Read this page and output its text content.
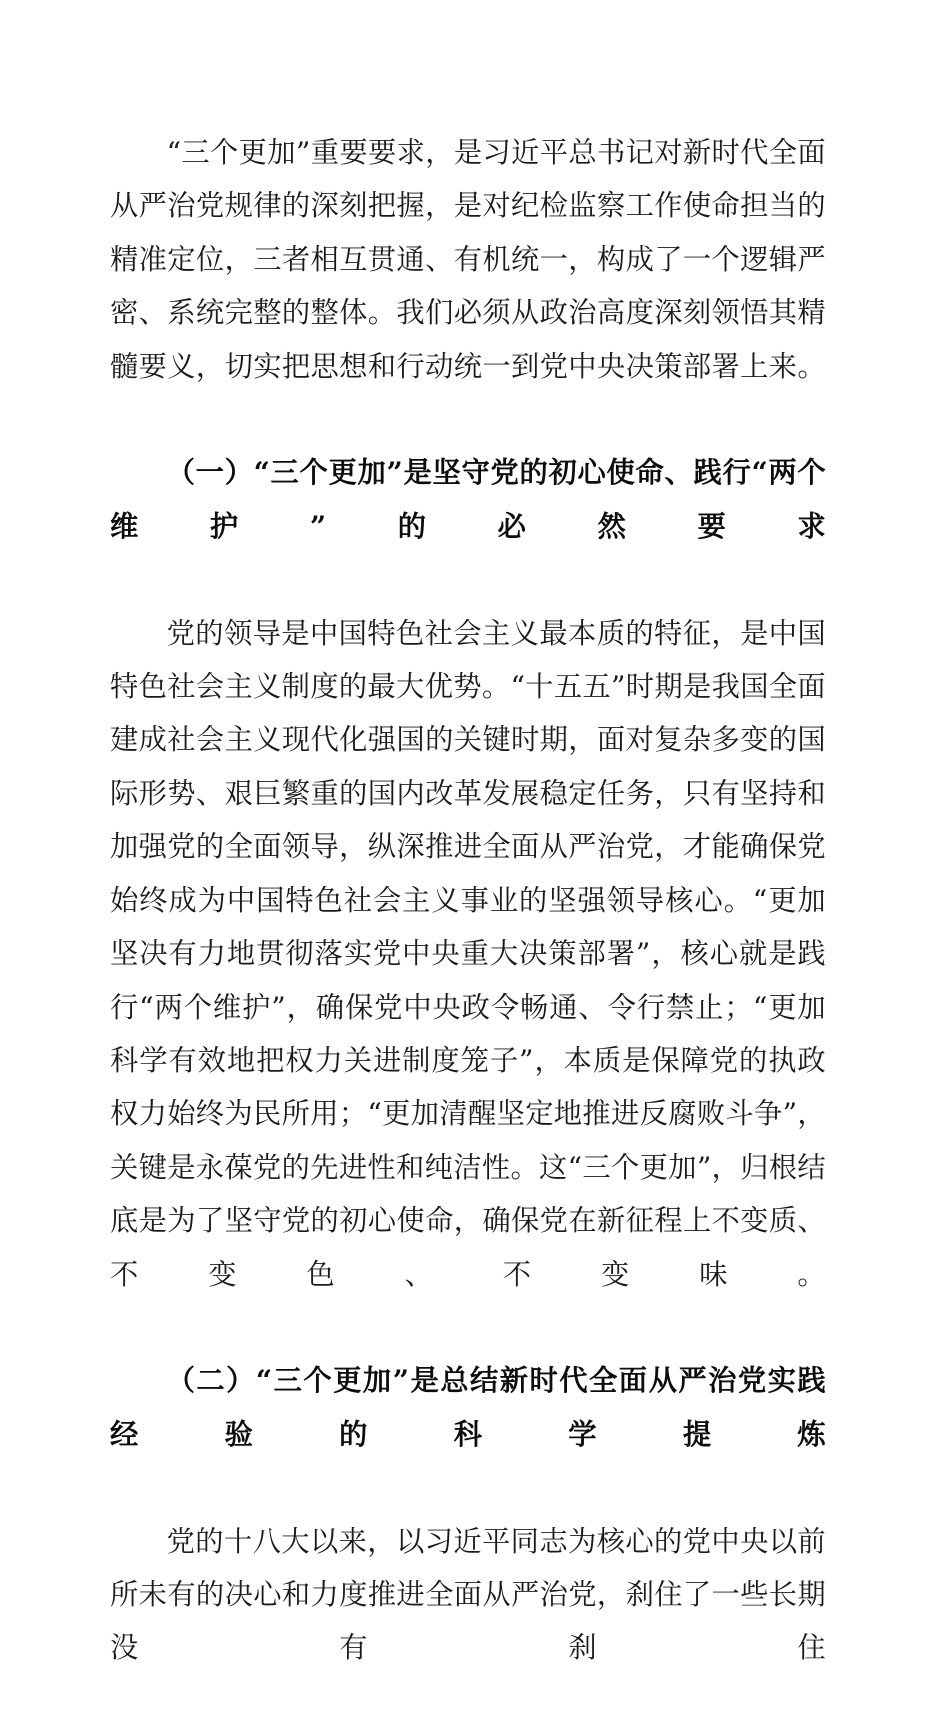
“三个更加”重要要求，是习近平总书记对新时代全面从严治党规律的深刻把握，是对纪检监察工作使命担当的精准定位，三者相互贯通、有机统一，构成了一个逻辑严密、系统完整的整体。我们必须从政治高度深刻领悟其精髓要义，切实把思想和行动统一到党中央决策部署上来。

（一）“三个更加”是坚守党的初心使命、践行“两个维护”的必然要求

党的领导是中国特色社会主义最本质的特征，是中国特色社会主义制度的最大优势。“十五五”时期是我国全面建成社会主义现代化强国的关键时期，面对复杂多变的国际形势、艰巨繁重的国内改革发展稳定任务，只有坚持和加强党的全面领导，纵深推进全面从严治党，才能确保党始终成为中国特色社会主义事业的坚强领导核心。“更加坚决有力地贯彻落实党中央重大决策部署”，核心就是践行“两个维护”，确保党中央政令畅通、令行禁止；“更加科学有效地把权力关进制度笼子”，本质是保障党的执政权力始终为民所用；“更加清醒坚定地推进反腐败斗争”，关键是永葆党的先进性和纯洁性。这“三个更加”，归根结底是为了坚守党的初心使命，确保党在新征程上不变质、不变色、不变味。

（二）“三个更加”是总结新时代全面从严治党实践经验的科学提炼

党的十八大以来，以习近平同志为核心的党中央以前所未有的决心和力度推进全面从严治党，刹住了一些长期没有刹住
